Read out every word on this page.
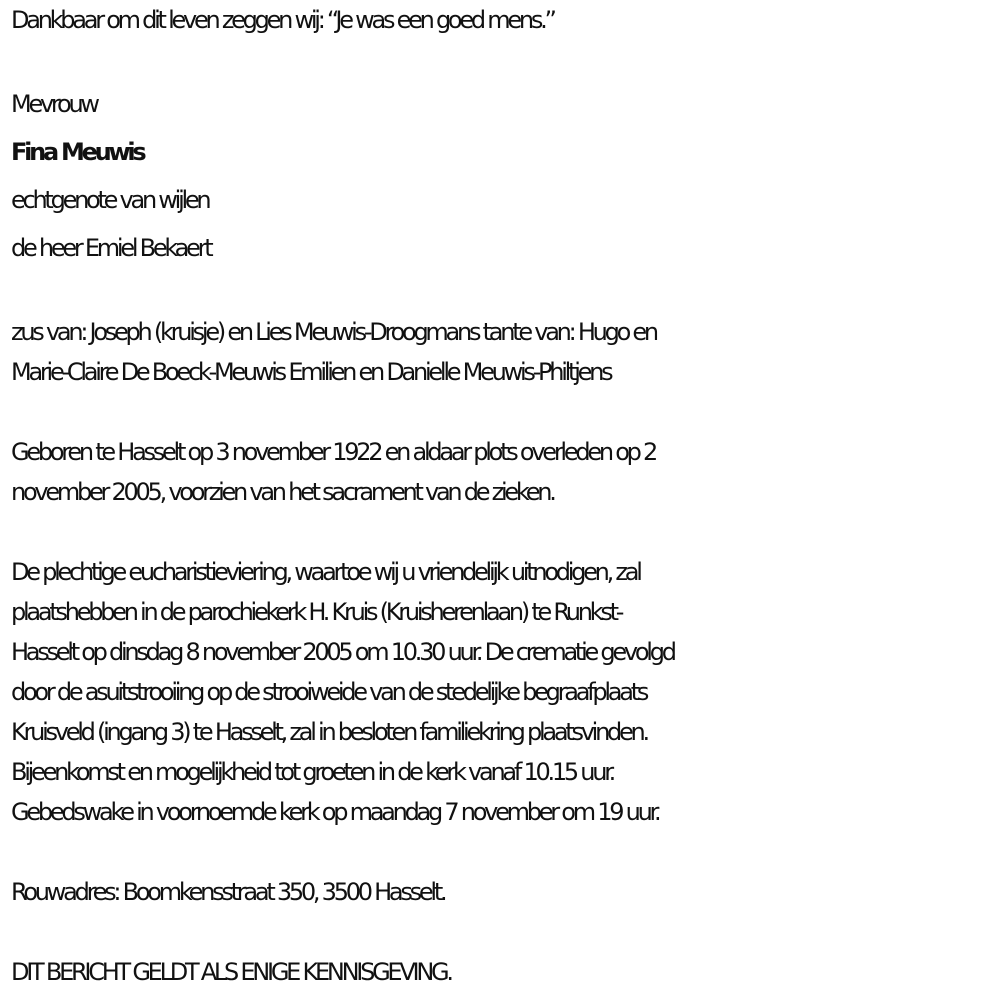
Dankbaar om dit leven zeggen wij: “Je was een goed mens.”

Mevrouw

Fina Meuwis

echtgenote van wijlen

de heer Emiel Bekaert

zus van: Joseph (kruisje) en Lies Meuwis-Droogmans tante van: Hugo en

Marie-Claire De Boeck-Meuwis Emilien en Danielle Meuwis-Philtjens

Geboren te Hasselt op 3 november 1922 en aldaar plots overleden op 2

november 2005, voorzien van het sacrament van de zieken.

De plechtige eucharistieviering, waartoe wij u vriendelijk uitnodigen, zal

plaatshebben in de parochiekerk H. Kruis (Kruisherenlaan) te Runkst-

Hasselt op dinsdag 8 november 2005 om 10.30 uur. De crematie gevolgd

door de asuitstrooiing op de strooiweide van de stedelijke begraafplaats

Kruisveld (ingang 3) te Hasselt, zal in besloten familiekring plaatsvinden.

Bijeenkomst en mogelijkheid tot groeten in de kerk vanaf 10.15 uur.

Gebedswake in voornoemde kerk op maandag 7 november om 19 uur.

Rouwadres: Boomkensstraat 350, 3500 Hasselt.

DIT BERICHT GELDT ALS ENIGE KENNISGEVING.
